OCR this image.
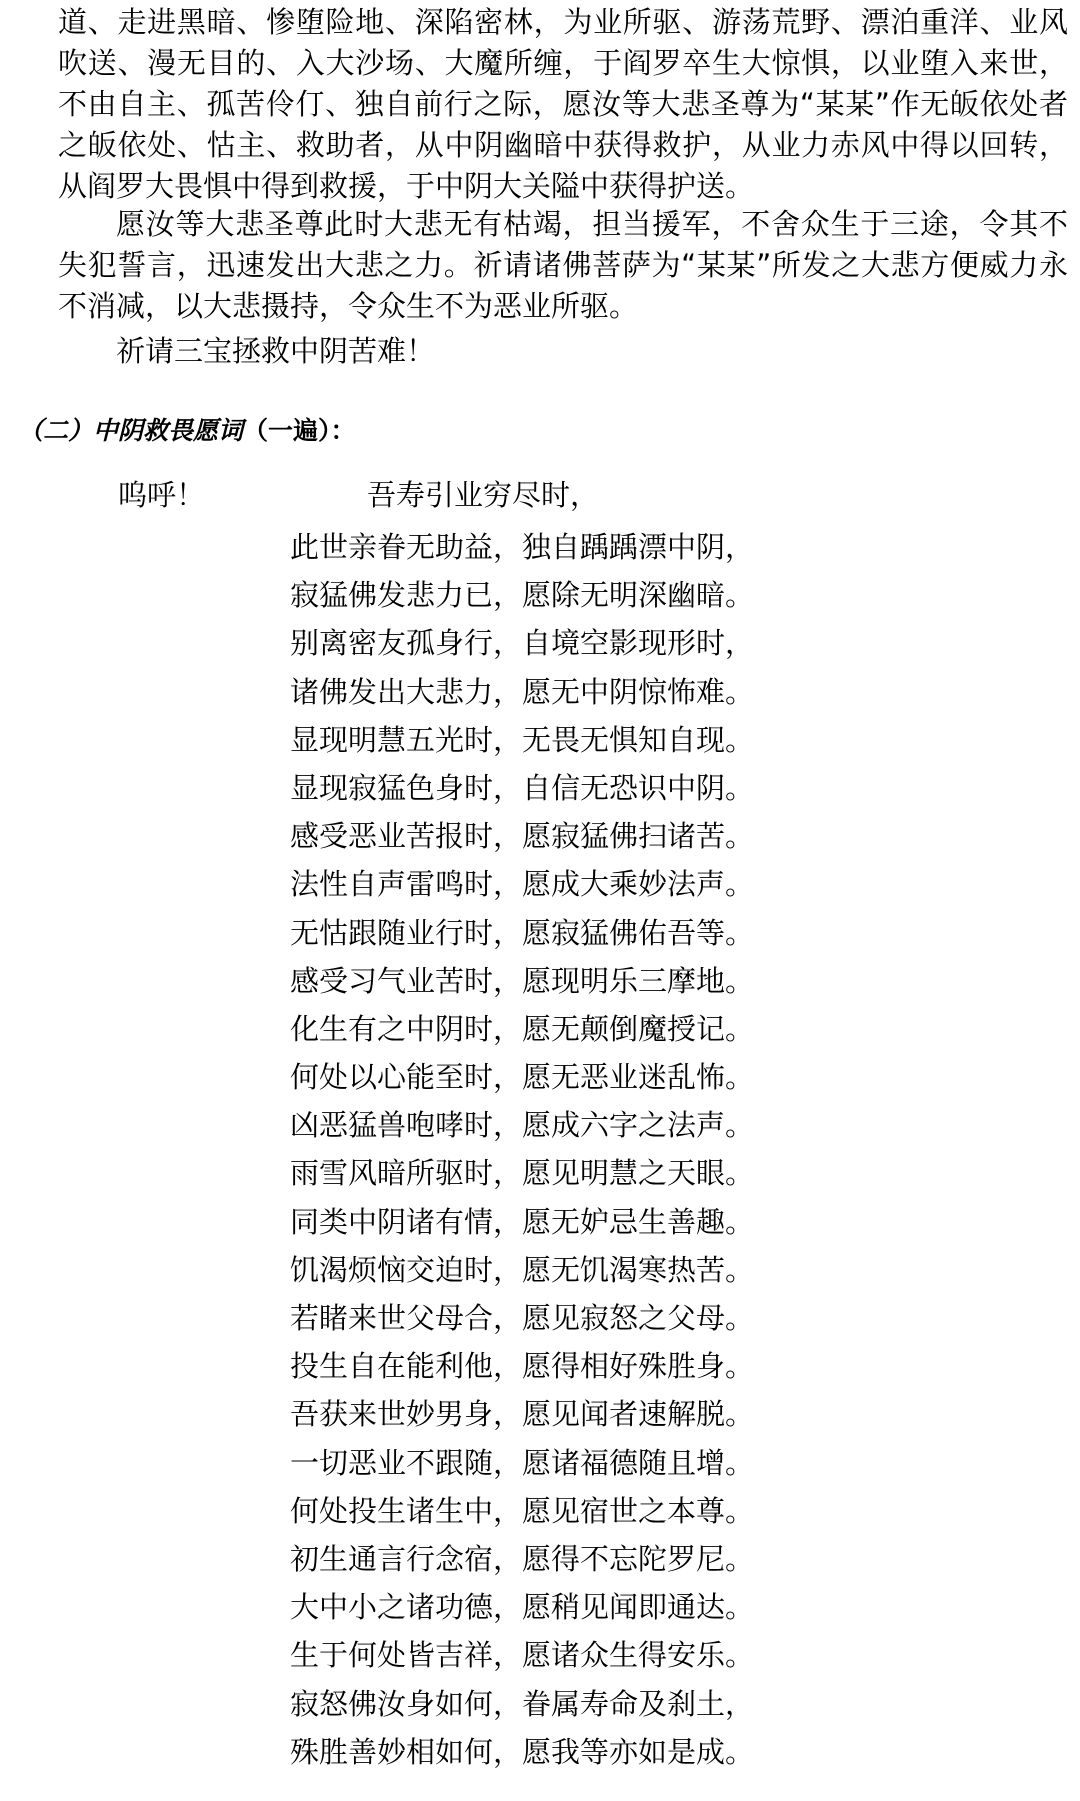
道、走进黑暗、惨堕险地、深陷密林，为业所驱、游荡荒野、漂泊重洋、业风吹送、漫无目的、入大沙场、大魔所缠，于阎罗卒生大惊惧，以业堕入来世，不由自主、孤苦伶仃、独自前行之际，愿汝等大悲圣尊为“某某”作无皈依处者之皈依处、怙主、救助者，从中阴幽暗中获得救护，从业力赤风中得以回转，从阎罗大畏惧中得到救援，于中阴大关隘中获得护送。

愿汝等大悲圣尊此时大悲无有枯竭，担当援军，不舍众生于三途，令其不失犯誓言，迅速发出大悲之力。祈请诸佛菩萨为“某某”所发之大悲方便威力永不消减，以大悲摄持，令众生不为恶业所驱。

祈请三宝拯救中阴苦难！

（二）中阴救畏愿词（一遍）：
呜呼！	吾寿引业穷尽时，
此世亲眷无助益，独自踽踽漂中阴，
寂猛佛发悲力已，愿除无明深幽暗。
别离密友孤身行，自境空影现形时，
诸佛发出大悲力，愿无中阴惊怖难。
显现明慧五光时，无畏无惧知自现。
显现寂猛色身时，自信无恐识中阴。
感受恶业苦报时，愿寂猛佛扫诸苦。
法性自声雷鸣时，愿成大乘妙法声。
无怙跟随业行时，愿寂猛佛佑吾等。
感受习气业苦时，愿现明乐三摩地。
化生有之中阴时，愿无颠倒魔授记。
何处以心能至时，愿无恶业迷乱怖。
凶恶猛兽咆哮时，愿成六字之法声。
雨雪风暗所驱时，愿见明慧之天眼。
同类中阴诸有情，愿无妒忌生善趣。
饥渴烦恼交迫时，愿无饥渴寒热苦。
若睹来世父母合，愿见寂怒之父母。
投生自在能利他，愿得相好殊胜身。
吾获来世妙男身，愿见闻者速解脱。
一切恶业不跟随，愿诸福德随且增。
何处投生诸生中，愿见宿世之本尊。
初生通言行念宿，愿得不忘陀罗尼。
大中小之诸功德，愿稍见闻即通达。
生于何处皆吉祥，愿诸众生得安乐。
寂怒佛汝身如何，眷属寿命及刹土，
殊胜善妙相如何，愿我等亦如是成。
